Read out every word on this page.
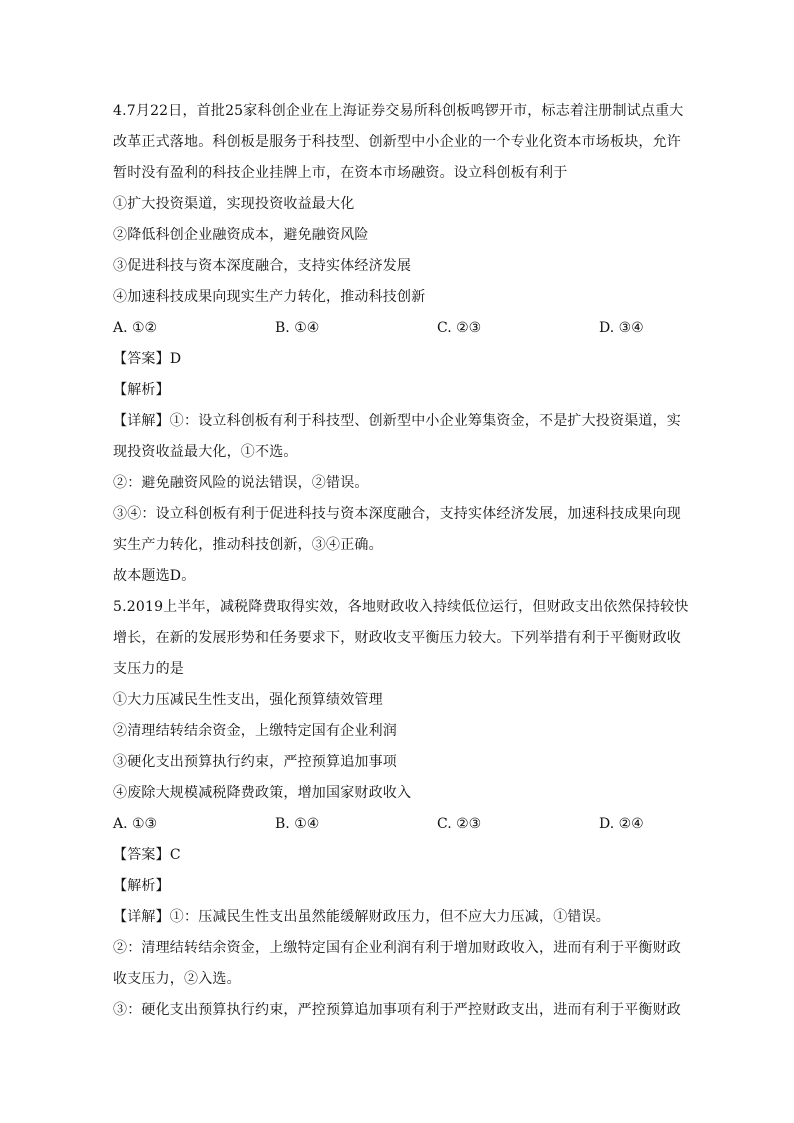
4.7月22日，首批25家科创企业在上海证券交易所科创板鸣锣开市，标志着注册制试点重大
改革正式落地。科创板是服务于科技型、创新型中小企业的一个专业化资本市场板块，允许
暂时没有盈利的科技企业挂牌上市，在资本市场融资。设立科创板有利于
①扩大投资渠道，实现投资收益最大化
②降低科创企业融资成本，避免融资风险
③促进科技与资本深度融合，支持实体经济发展
④加速科技成果向现实生产力转化，推动科技创新
A. ①②	B. ①④	C. ②③	D. ③④
【答案】D
【解析】
【详解】①：设立科创板有利于科技型、创新型中小企业筹集资金，不是扩大投资渠道，实
现投资收益最大化，①不选。
②：避免融资风险的说法错误，②错误。
③④：设立科创板有利于促进科技与资本深度融合，支持实体经济发展，加速科技成果向现
实生产力转化，推动科技创新，③④正确。
故本题选D。
5.2019上半年，减税降费取得实效，各地财政收入持续低位运行，但财政支出依然保持较快
增长，在新的发展形势和任务要求下，财政收支平衡压力较大。下列举措有利于平衡财政收
支压力的是
①大力压减民生性支出，强化预算绩效管理
②清理结转结余资金，上缴特定国有企业利润
③硬化支出预算执行约束，严控预算追加事项
④废除大规模减税降费政策，增加国家财政收入
A. ①③	B. ①④	C. ②③	D. ②④
【答案】C
【解析】
【详解】①：压减民生性支出虽然能缓解财政压力，但不应大力压减，①错误。
②：清理结转结余资金，上缴特定国有企业利润有利于增加财政收入，进而有利于平衡财政
收支压力，②入选。
③：硬化支出预算执行约束，严控预算追加事项有利于严控财政支出，进而有利于平衡财政
